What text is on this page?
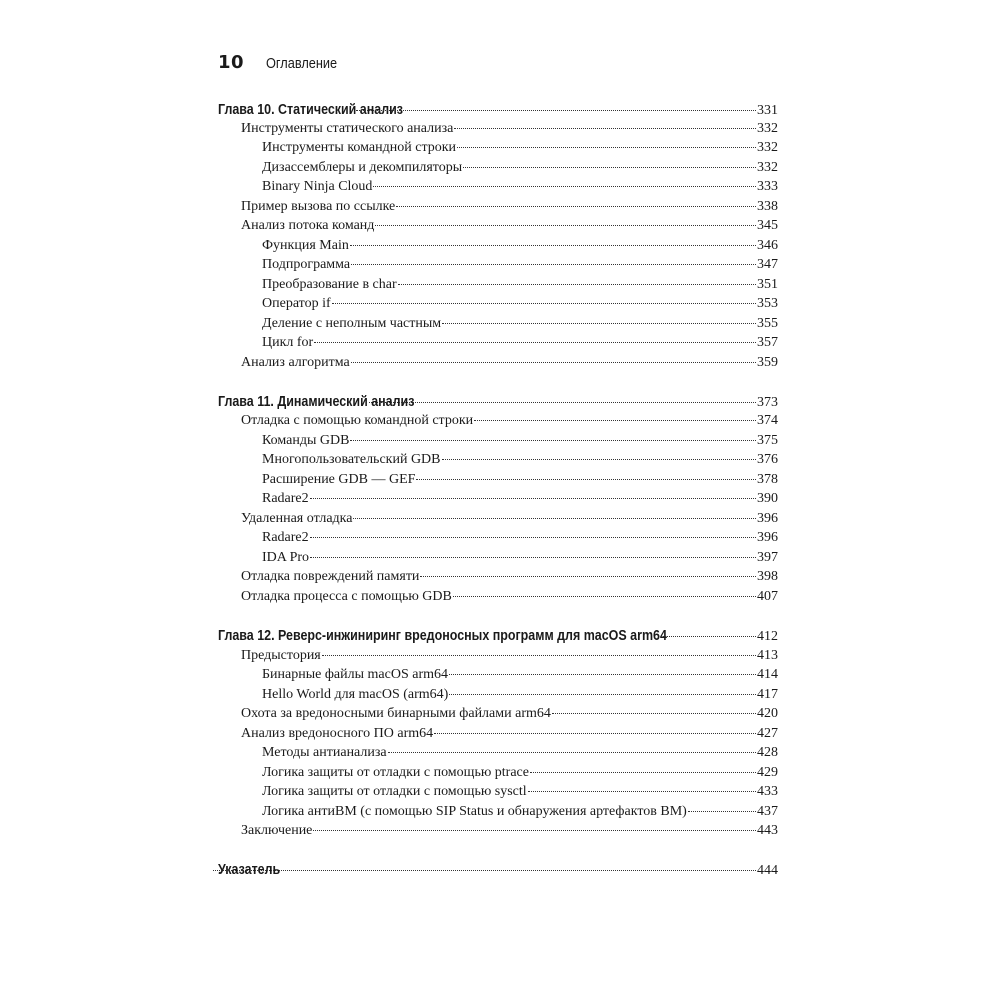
10 Оглавление
Глава 10. Статический анализ	331
Инструменты статического анализа	332
Инструменты командной строки	332
Дизассемблеры и декомпиляторы	332
Binary Ninja Cloud	333
Пример вызова по ссылке	338
Анализ потока команд	345
Функция Main	346
Подпрограмма	347
Преобразование в char	351
Оператор if	353
Деление с неполным частным	355
Цикл for	357
Анализ алгоритма	359
Глава 11. Динамический анализ	373
Отладка с помощью командной строки	374
Команды GDB	375
Многопользовательский GDB	376
Расширение GDB — GEF	378
Radare2	390
Удаленная отладка	396
Radare2	396
IDA Pro	397
Отладка повреждений памяти	398
Отладка процесса с помощью GDB	407
Глава 12. Реверс-инжиниринг вредоносных программ для macOS arm64	412
Предыстория	413
Бинарные файлы macOS arm64	414
Hello World для macOS (arm64)	417
Охота за вредоносными бинарными файлами arm64	420
Анализ вредоносного ПО arm64	427
Методы антианализа	428
Логика защиты от отладки с помощью ptrace	429
Логика защиты от отладки с помощью sysctl	433
Логика антиВМ (с помощью SIP Status и обнаружения артефактов ВМ)	437
Заключение	443
Указатель	444
